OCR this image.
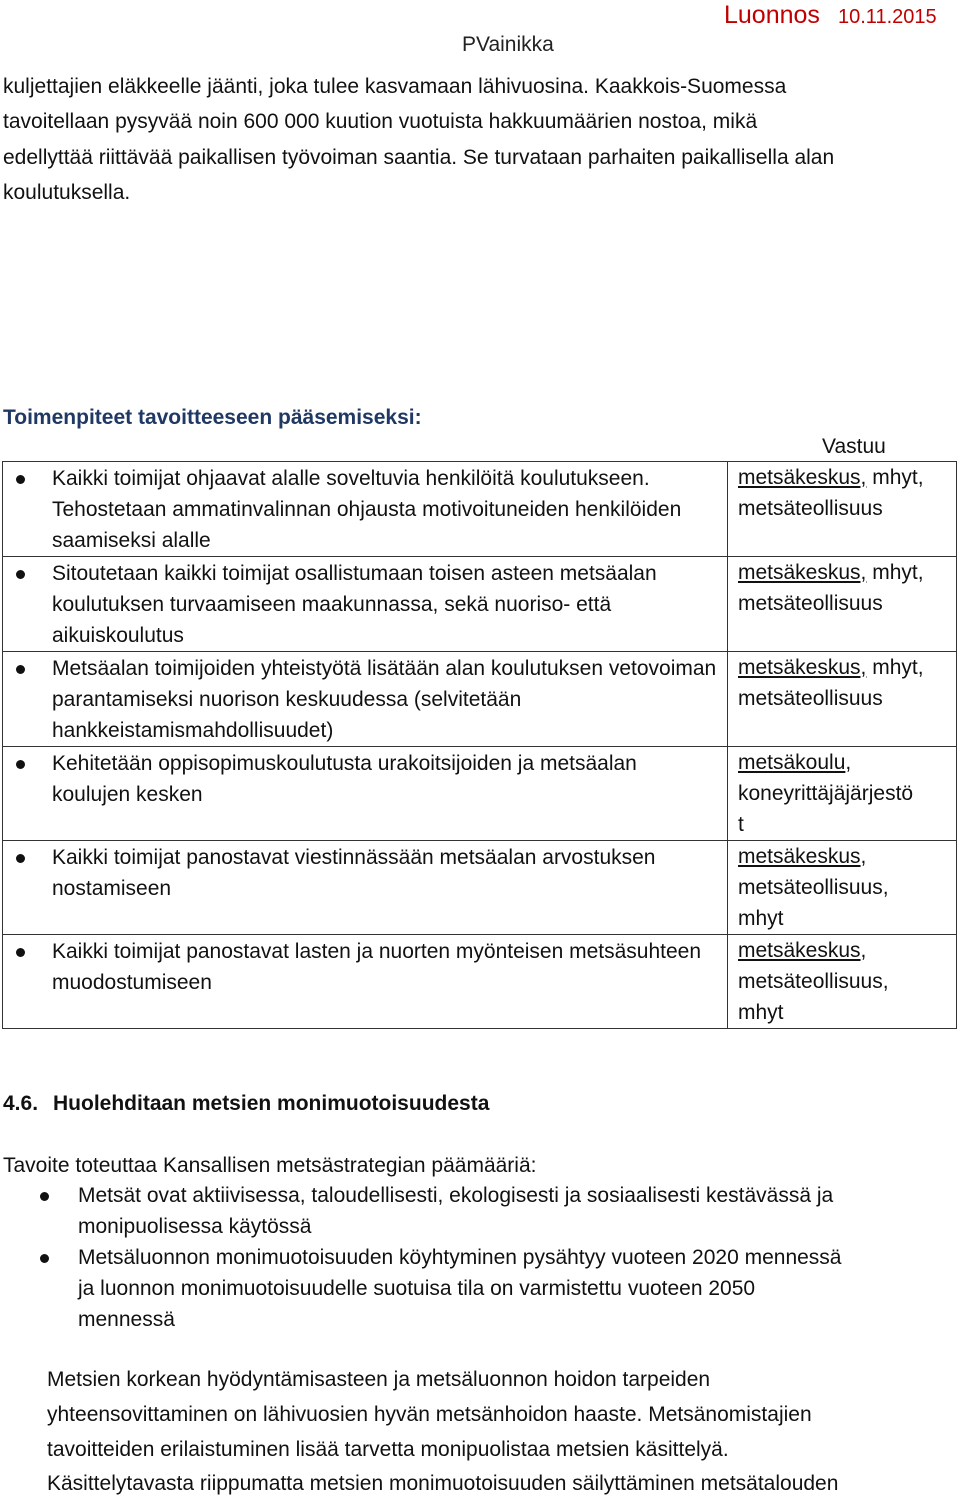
Luonnos 10.11.2015
PVainikka
kuljettajien eläkkeelle jäänti, joka tulee kasvamaan lähivuosina. Kaakkois-Suomessa
tavoitellaan pysyvää noin 600 000 kuution vuotuista hakkuumäärien nostoa, mikä
edellyttää riittävää paikallisen työvoiman saantia. Se turvataan parhaiten paikallisella alan
koulutuksella.
Toimenpiteet tavoitteeseen pääsemiseksi:
Vastuu
Kaikki toimijat ohjaavat alalle soveltuvia henkilöitä koulutukseen. Tehostetaan ammatinvalinnan ohjausta motivoituneiden henkilöiden saamiseksi alalle	metsäkeskus, mhyt,
metsäteollisuus

Sitoutetaan kaikki toimijat osallistumaan toisen asteen metsäalan koulutuksen turvaamiseen maakunnassa, sekä nuoriso- että aikuiskoulutus	metsäkeskus, mhyt,
metsäteollisuus

Metsäalan toimijoiden yhteistyötä lisätään alan koulutuksen vetovoiman parantamiseksi nuorison keskuudessa (selvitetään hankkeistamismahdollisuudet)	metsäkeskus, mhyt,
metsäteollisuus

Kehitetään oppisopimuskoulutusta urakoitsijoiden ja metsäalan koulujen kesken	metsäkoulu,
koneyrittäjäjärjestö
t

Kaikki toimijat panostavat viestinnässään metsäalan arvostuksen nostamiseen	metsäkeskus,
metsäteollisuus,
mhyt

Kaikki toimijat panostavat lasten ja nuorten myönteisen metsäsuhteen muodostumiseen	metsäkeskus,
metsäteollisuus,
mhyt
4.6. Huolehditaan metsien monimuotoisuudesta
Tavoite toteuttaa Kansallisen metsästrategian päämääriä:
Metsät ovat aktiivisessa, taloudellisesti, ekologisesti ja sosiaalisesti kestävässä ja
monipuolisessa käytössä
Metsäluonnon monimuotoisuuden köyhtyminen pysähtyy vuoteen 2020 mennessä
ja luonnon monimuotoisuudelle suotuisa tila on varmistettu vuoteen 2050
mennessä
Metsien korkean hyödyntämisasteen ja metsäluonnon hoidon tarpeiden
yhteensovittaminen on lähivuosien hyvän metsänhoidon haaste. Metsänomistajien
tavoitteiden erilaistuminen lisää tarvetta monipuolistaa metsien käsittelyä.
Käsittelytavasta riippumatta metsien monimuotoisuuden säilyttäminen metsätalouden
